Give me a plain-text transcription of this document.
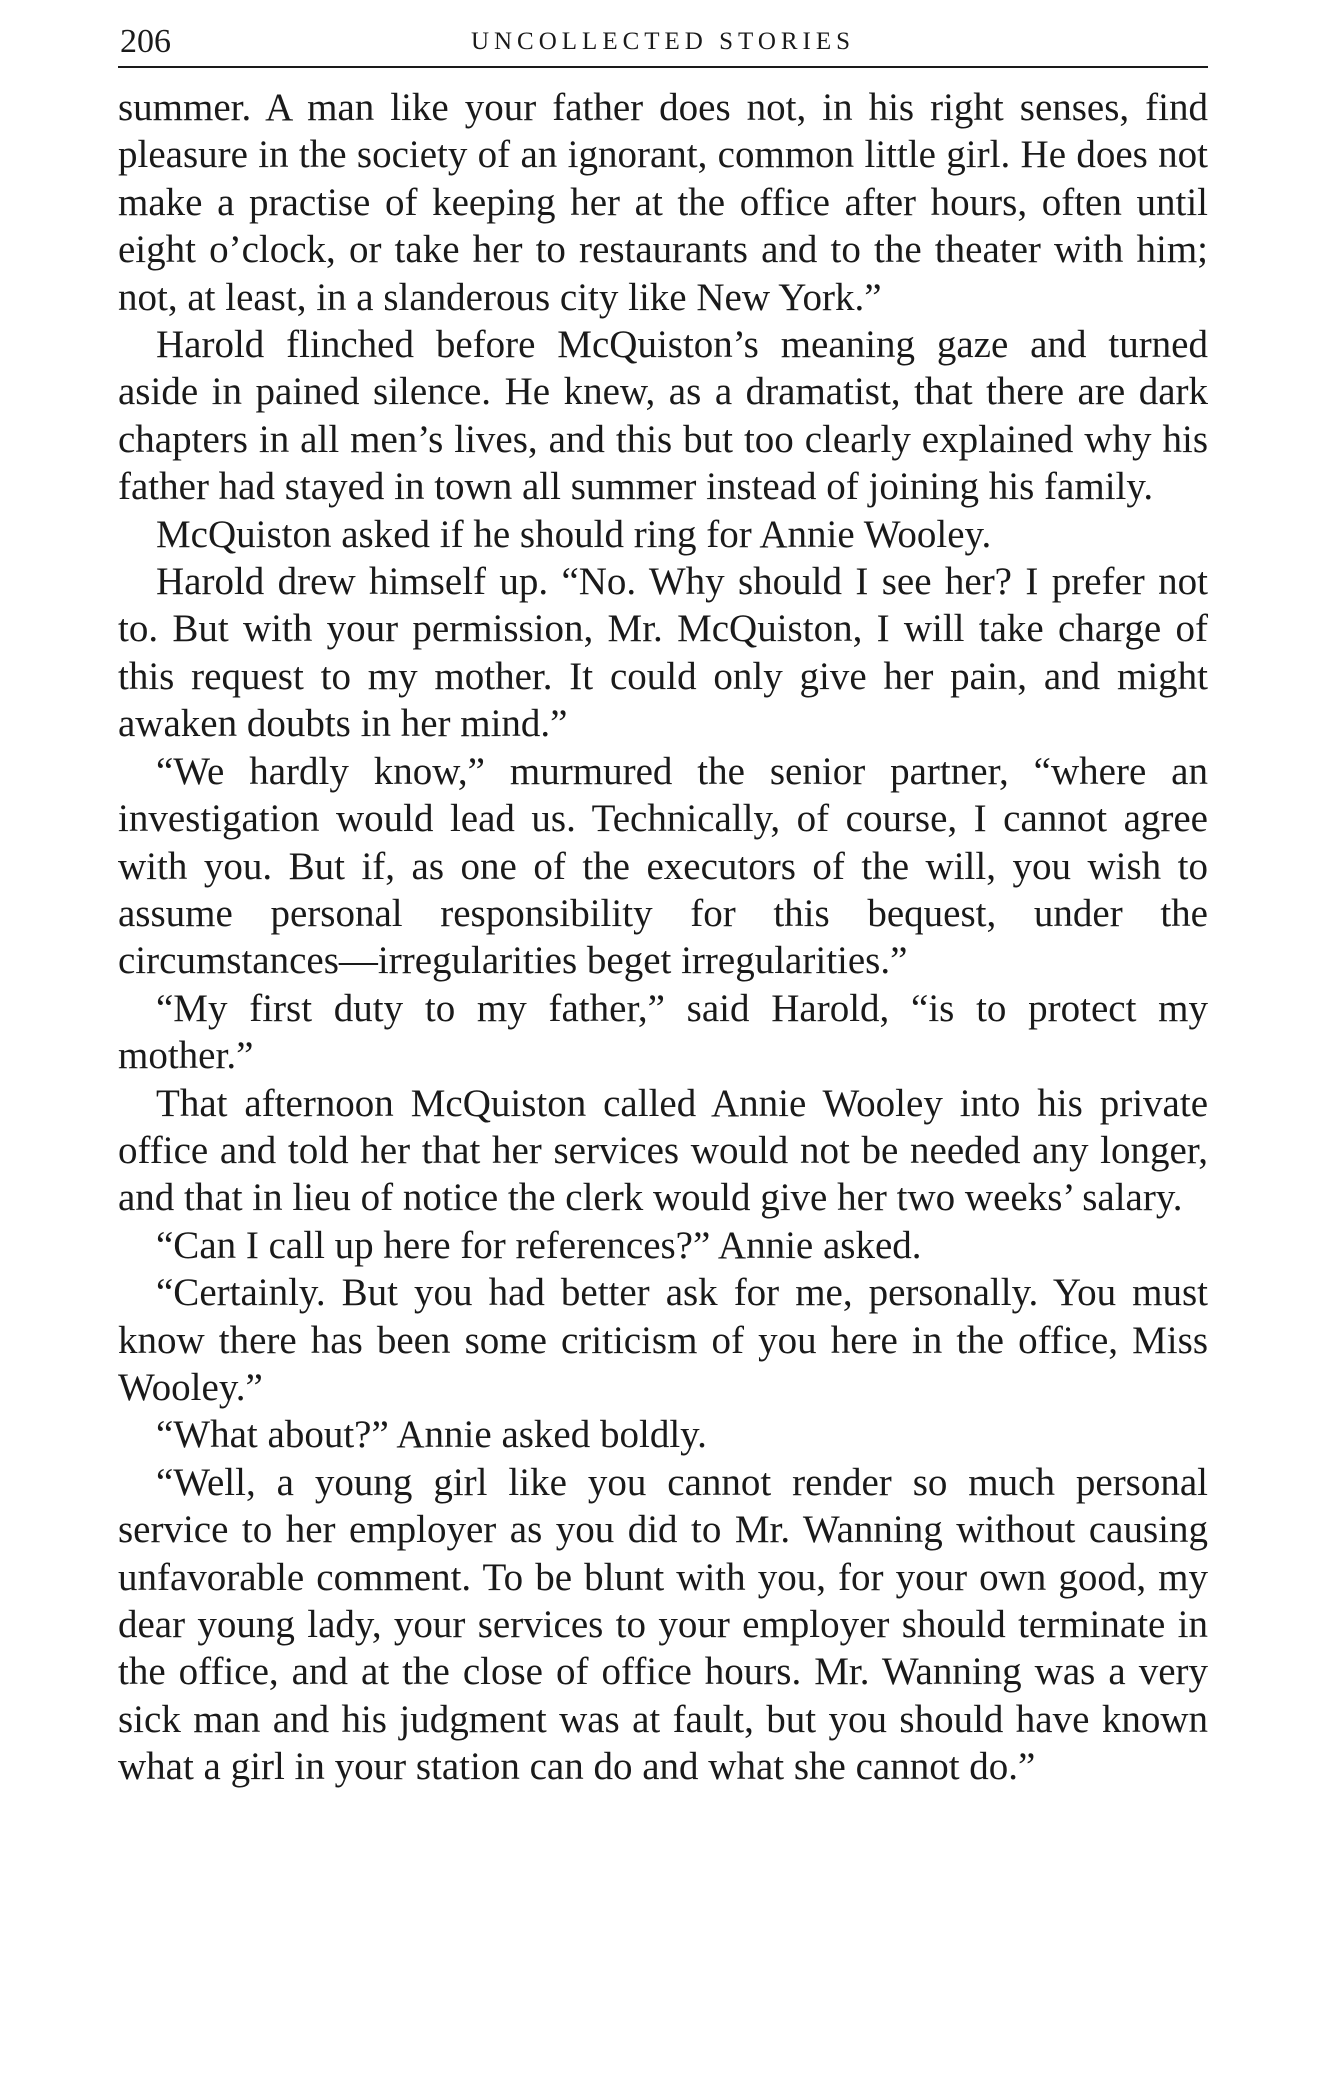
206	UNCOLLECTED STORIES

summer. A man like your father does not, in his right senses, find pleasure in the society of an ignorant, common little girl. He does not make a practise of keeping her at the office after hours, often until eight o’clock, or take her to restaurants and to the theater with him; not, at least, in a slanderous city like New York.”

Harold flinched before McQuiston’s meaning gaze and turned aside in pained silence. He knew, as a dramatist, that there are dark chapters in all men’s lives, and this but too clearly explained why his father had stayed in town all summer instead of joining his family.

McQuiston asked if he should ring for Annie Wooley.

Harold drew himself up. “No. Why should I see her? I prefer not to. But with your permission, Mr. McQuiston, I will take charge of this request to my mother. It could only give her pain, and might awaken doubts in her mind.”

“We hardly know,” murmured the senior partner, “where an investigation would lead us. Technically, of course, I cannot agree with you. But if, as one of the executors of the will, you wish to assume personal responsibility for this bequest, under the circumstances—irregularities beget irregularities.”

“My first duty to my father,” said Harold, “is to protect my mother.”

That afternoon McQuiston called Annie Wooley into his private office and told her that her services would not be needed any longer, and that in lieu of notice the clerk would give her two weeks’ salary.

“Can I call up here for references?” Annie asked.

“Certainly. But you had better ask for me, personally. You must know there has been some criticism of you here in the office, Miss Wooley.”

“What about?” Annie asked boldly.

“Well, a young girl like you cannot render so much personal service to her employer as you did to Mr. Wanning without causing unfavorable comment. To be blunt with you, for your own good, my dear young lady, your services to your employer should terminate in the office, and at the close of office hours. Mr. Wanning was a very sick man and his judgment was at fault, but you should have known what a girl in your station can do and what she cannot do.”
